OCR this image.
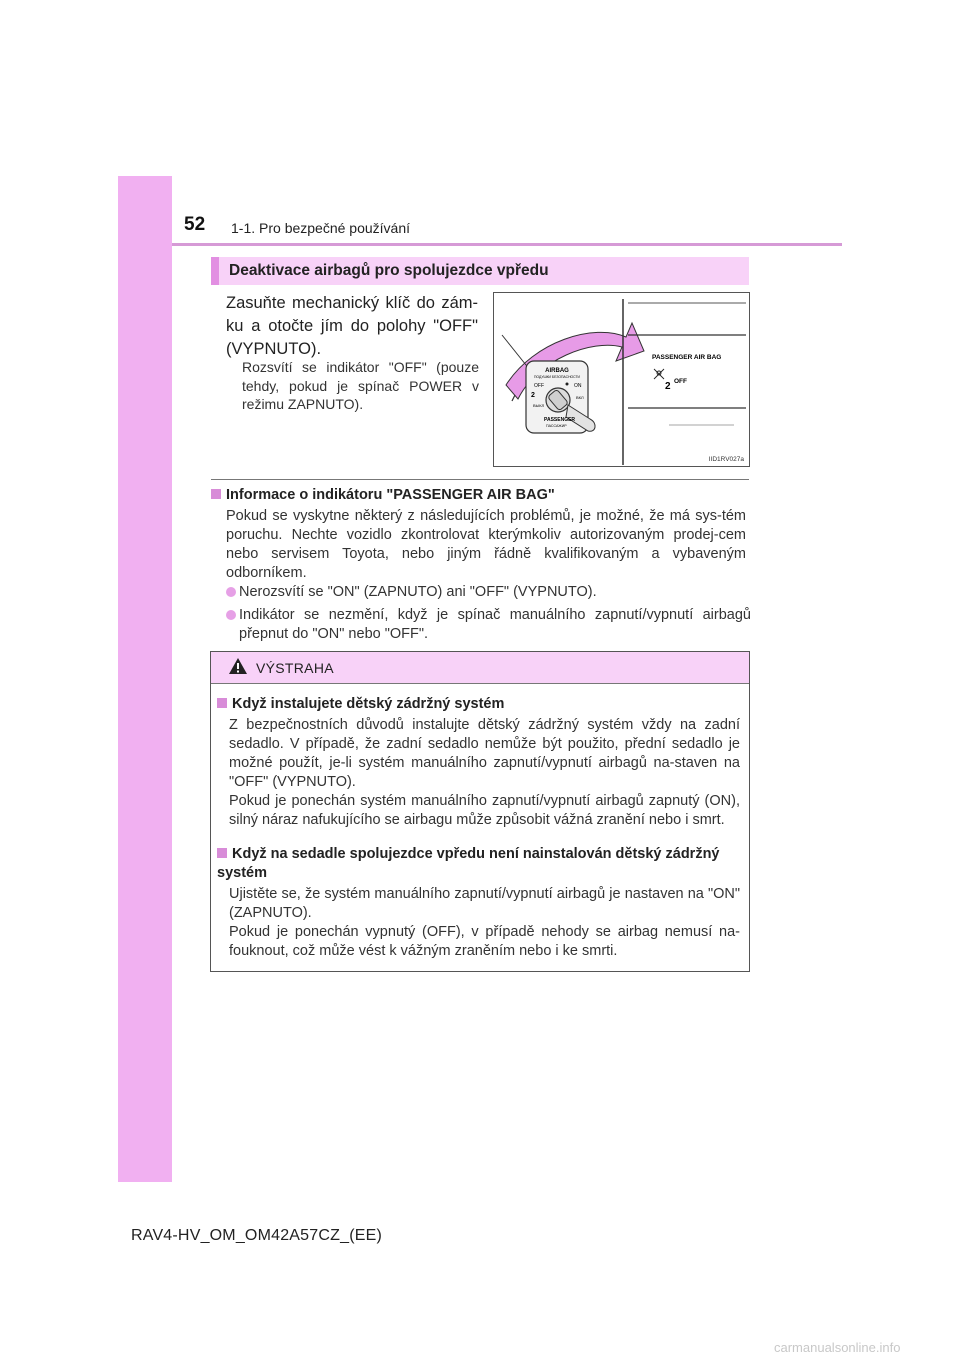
52 1-1. Pro bezpečné používání
Deaktivace airbagů pro spolujezdce vpředu
Zasuňte mechanický klíč do zám-ku a otočte jím do polohy "OFF" (VYPNUTO).
Rozsvítí se indikátor "OFF" (pouze tehdy, pokud je spínač POWER v režimu ZAPNUTO).
AIRBAG
ПОДУШКИ БЕЗОПАСНОСТИ
OFF	ON
ВЫКЛ
ВКЛ
PASSENGER
ПАССАЖИР
2
PASSENGER AIR BAG
2 OFF
IID1RV027a
Informace o indikátoru "PASSENGER AIR BAG"
Pokud se vyskytne některý z následujících problémů, je možné, že má sys-tém poruchu. Nechte vozidlo zkontrolovat kterýmkoliv autorizovaným prodej-cem nebo servisem Toyota, nebo jiným řádně kvalifikovaným a vybaveným odborníkem.
Nerozsvítí se "ON" (ZAPNUTO) ani "OFF" (VYPNUTO).
Indikátor se nezmění, když je spínač manuálního zapnutí/vypnutí airbagů přepnut do "ON" nebo "OFF".
VÝSTRAHA
Když instalujete dětský zádržný systém
Z bezpečnostních důvodů instalujte dětský zádržný systém vždy na zadní sedadlo. V případě, že zadní sedadlo nemůže být použito, přední sedadlo je možné použít, je-li systém manuálního zapnutí/vypnutí airbagů na-staven na "OFF" (VYPNUTO).
Pokud je ponechán systém manuálního zapnutí/vypnutí airbagů zapnutý (ON), silný náraz nafukujícího se airbagu může způsobit vážná zranění nebo i smrt.
Když na sedadle spolujezdce vpředu není nainstalován dětský zádržný systém
Ujistěte se, že systém manuálního zapnutí/vypnutí airbagů je nastaven na "ON" (ZAPNUTO).
Pokud je ponechán vypnutý (OFF), v případě nehody se airbag nemusí na-fouknout, což může vést k vážným zraněním nebo i ke smrti.
RAV4-HV_OM_OM42A57CZ_(EE)
carmanualsonline.info
